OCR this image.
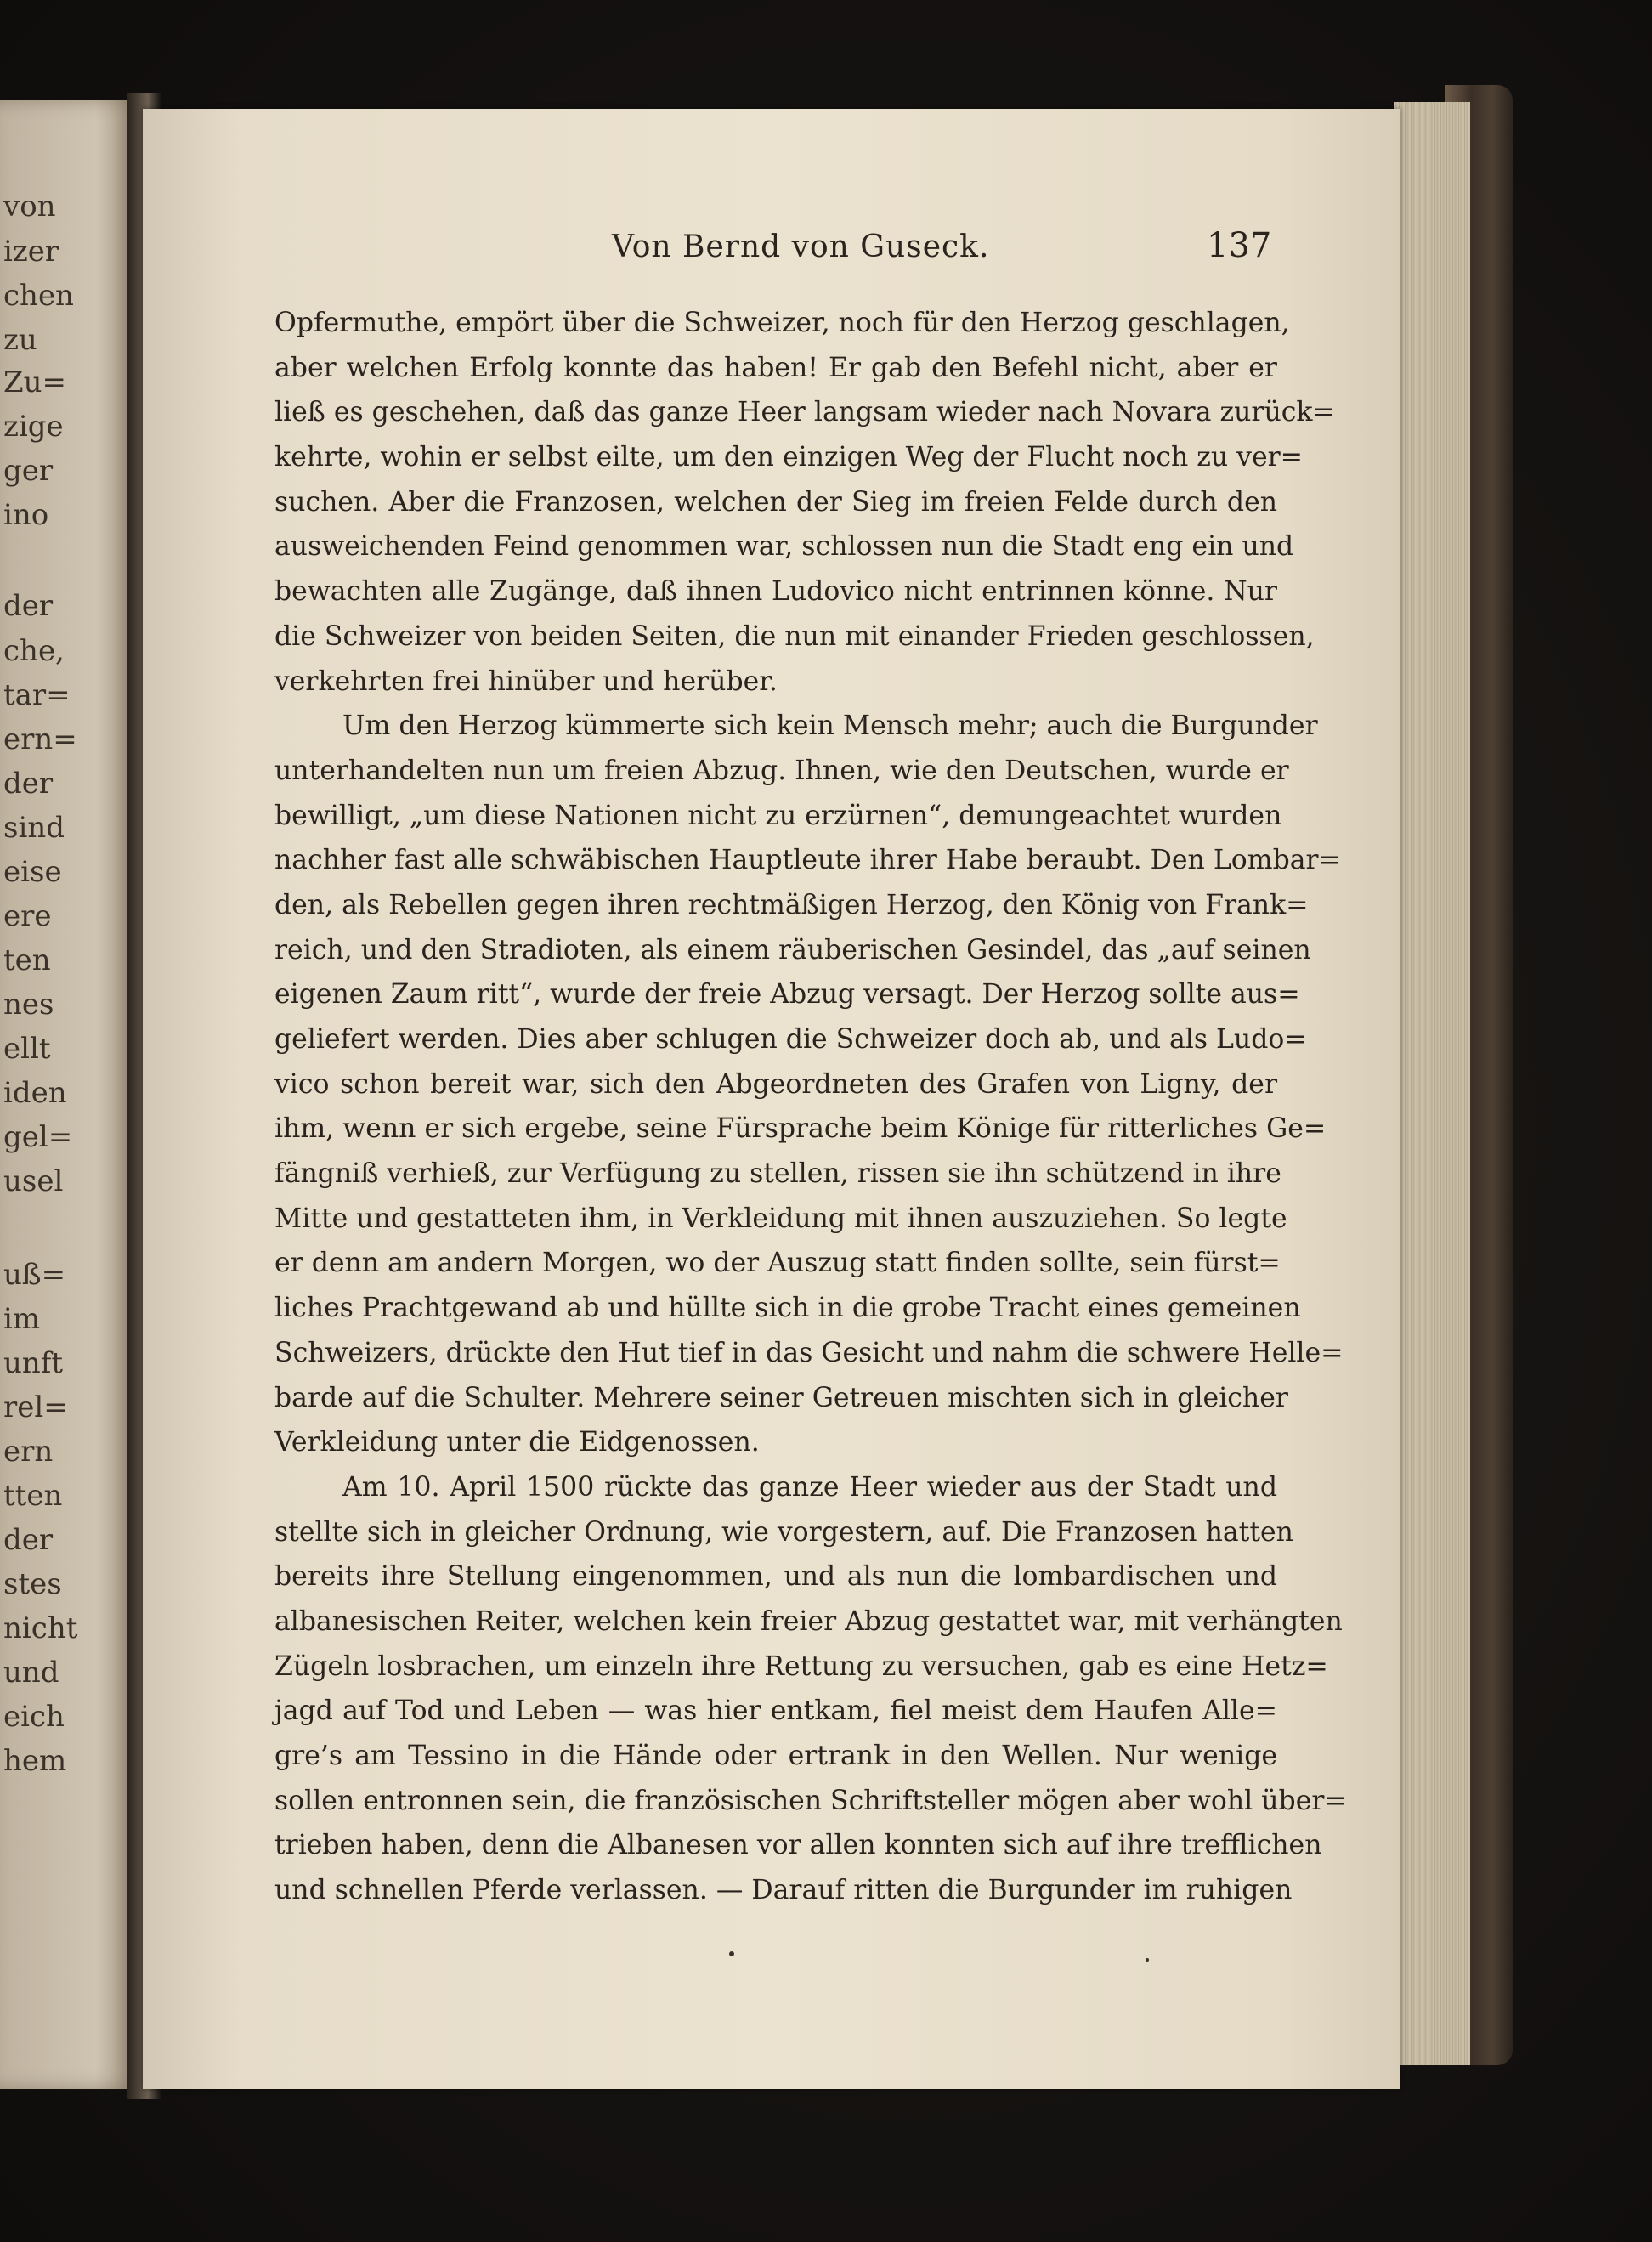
von
izer
chen
zu
Zu=
zige
ger
ino
der
che,
tar=
ern=
der
sind
eise
ere
ten
nes
ellt
iden
gel=
usel
uß=
im
unft
rel=
ern
tten
der
stes
nicht
und
eich
hem
Von Bernd von Guseck.	137
Opfermuthe, empört über die Schweizer, noch für den Herzog geschlagen,
aber welchen Erfolg konnte das haben! Er gab den Befehl nicht, aber er
ließ es geschehen, daß das ganze Heer langsam wieder nach Novara zurück=
kehrte, wohin er selbst eilte, um den einzigen Weg der Flucht noch zu ver=
suchen. Aber die Franzosen, welchen der Sieg im freien Felde durch den
ausweichenden Feind genommen war, schlossen nun die Stadt eng ein und
bewachten alle Zugänge, daß ihnen Ludovico nicht entrinnen könne. Nur
die Schweizer von beiden Seiten, die nun mit einander Frieden geschlossen,
verkehrten frei hinüber und herüber.
Um den Herzog kümmerte sich kein Mensch mehr; auch die Burgunder
unterhandelten nun um freien Abzug. Ihnen, wie den Deutschen, wurde er
bewilligt, „um diese Nationen nicht zu erzürnen“, demungeachtet wurden
nachher fast alle schwäbischen Hauptleute ihrer Habe beraubt. Den Lombar=
den, als Rebellen gegen ihren rechtmäßigen Herzog, den König von Frank=
reich, und den Stradioten, als einem räuberischen Gesindel, das „auf seinen
eigenen Zaum ritt“, wurde der freie Abzug versagt. Der Herzog sollte aus=
geliefert werden. Dies aber schlugen die Schweizer doch ab, und als Ludo=
vico schon bereit war, sich den Abgeordneten des Grafen von Ligny, der
ihm, wenn er sich ergebe, seine Fürsprache beim Könige für ritterliches Ge=
fängniß verhieß, zur Verfügung zu stellen, rissen sie ihn schützend in ihre
Mitte und gestatteten ihm, in Verkleidung mit ihnen auszuziehen. So legte
er denn am andern Morgen, wo der Auszug statt finden sollte, sein fürst=
liches Prachtgewand ab und hüllte sich in die grobe Tracht eines gemeinen
Schweizers, drückte den Hut tief in das Gesicht und nahm die schwere Helle=
barde auf die Schulter. Mehrere seiner Getreuen mischten sich in gleicher
Verkleidung unter die Eidgenossen.
Am 10. April 1500 rückte das ganze Heer wieder aus der Stadt und
stellte sich in gleicher Ordnung, wie vorgestern, auf. Die Franzosen hatten
bereits ihre Stellung eingenommen, und als nun die lombardischen und
albanesischen Reiter, welchen kein freier Abzug gestattet war, mit verhängten
Zügeln losbrachen, um einzeln ihre Rettung zu versuchen, gab es eine Hetz=
jagd auf Tod und Leben — was hier entkam, fiel meist dem Haufen Alle=
gre’s am Tessino in die Hände oder ertrank in den Wellen. Nur wenige
sollen entronnen sein, die französischen Schriftsteller mögen aber wohl über=
trieben haben, denn die Albanesen vor allen konnten sich auf ihre trefflichen
und schnellen Pferde verlassen. — Darauf ritten die Burgunder im ruhigen
